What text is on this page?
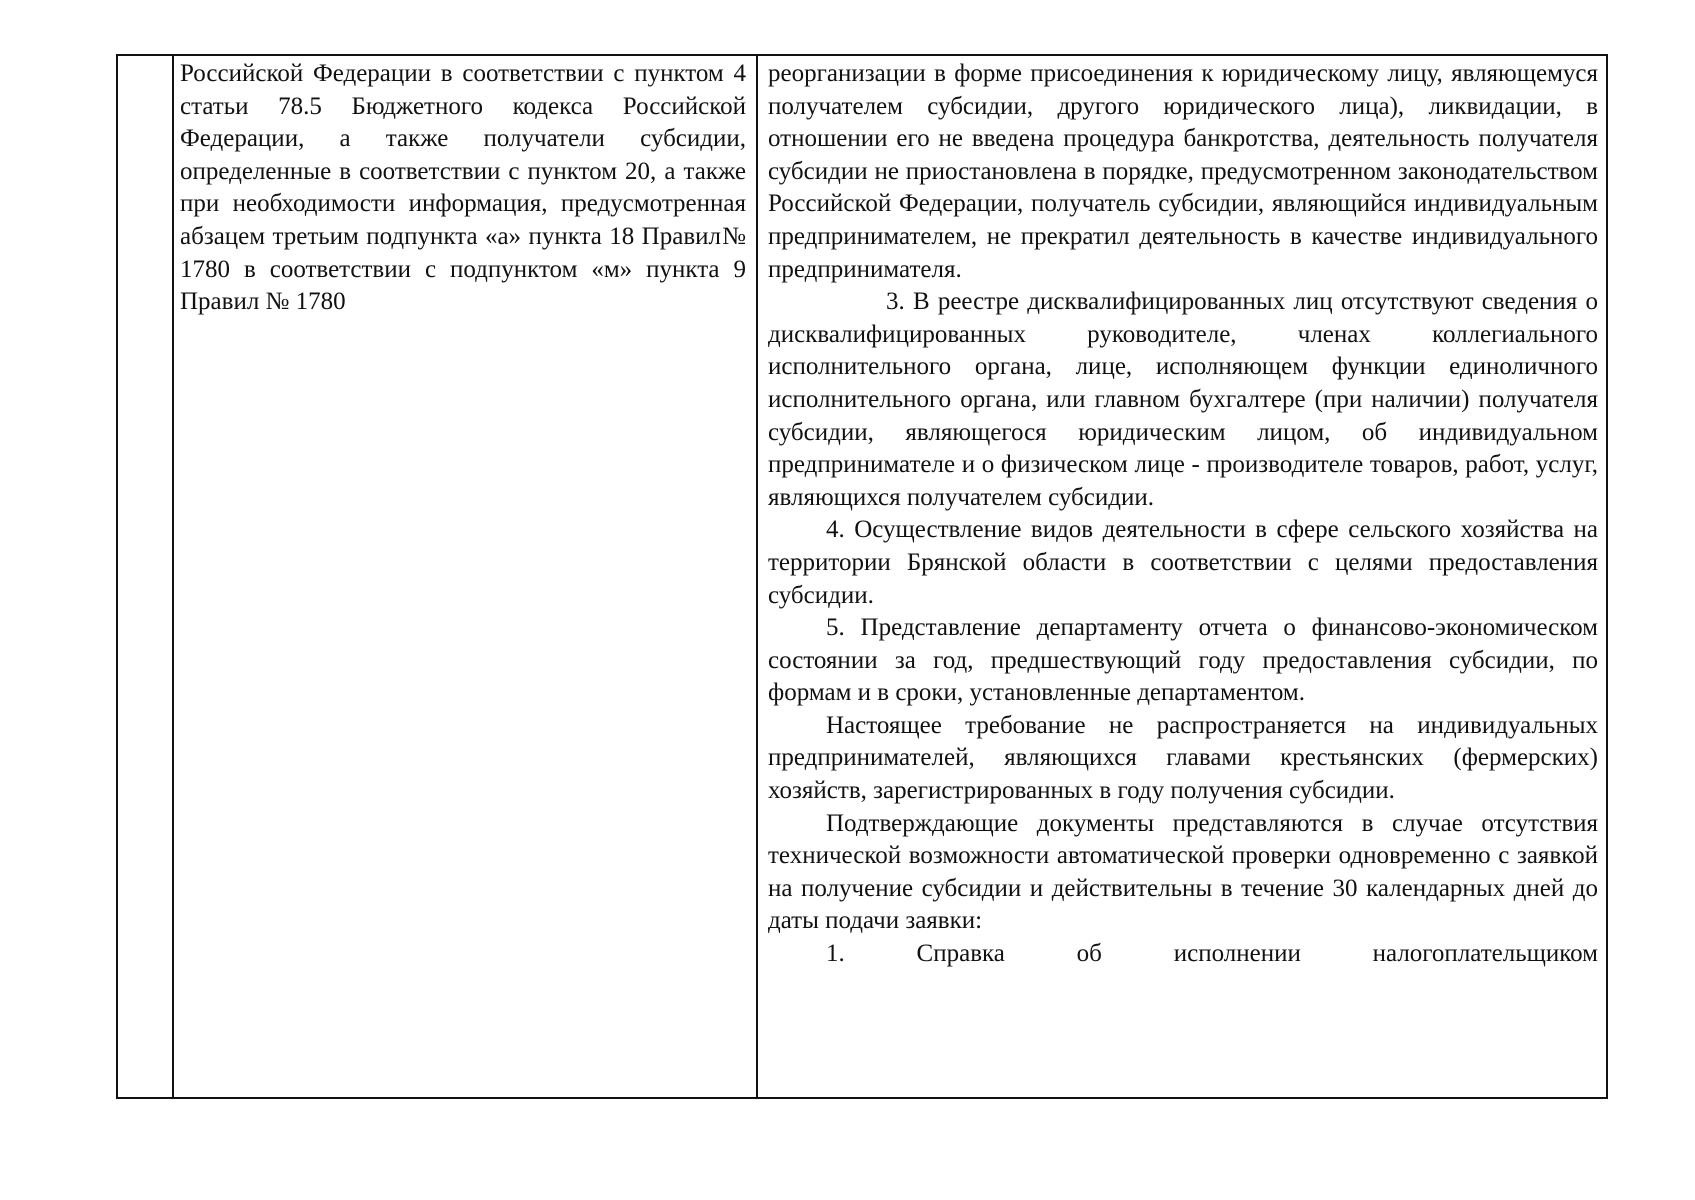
Российской Федерации в соответствии с пунктом 4 статьи 78.5 Бюджетного кодекса Российской Федерации, а также получатели субсидии, определенные в соответствии с пунктом 20, а также при необходимости информация, предусмотренная абзацем третьим подпункта «а» пункта 18 Правил№ 1780 в соответствии с подпунктом «м» пункта 9 Правил № 1780

реорганизации в форме присоединения к юридическому лицу, являющемуся получателем субсидии, другого юридического лица), ликвидации, в отношении его не введена процедура банкротства, деятельность получателя субсидии не приостановлена в порядке, предусмотренном законодательством Российской Федерации, получатель субсидии, являющийся индивидуальным предпринимателем, не прекратил деятельность в качестве индивидуального предпринимателя.

3. В реестре дисквалифицированных лиц отсутствуют сведения о дисквалифицированных руководителе, членах коллегиального исполнительного органа, лице, исполняющем функции единоличного исполнительного органа, или главном бухгалтере (при наличии) получателя субсидии, являющегося юридическим лицом, об индивидуальном предпринимателе и о физическом лице - производителе товаров, работ, услуг, являющихся получателем субсидии.

4. Осуществление видов деятельности в сфере сельского хозяйства на территории Брянской области в соответствии с целями предоставления субсидии.

5. Представление департаменту отчета о финансово-экономическом состоянии за год, предшествующий году предоставления субсидии, по формам и в сроки, установленные департаментом.

Настоящее требование не распространяется на индивидуальных предпринимателей, являющихся главами крестьянских (фермерских) хозяйств, зарегистрированных в году получения субсидии.

Подтверждающие документы представляются в случае отсутствия технической возможности автоматической проверки одновременно с заявкой на получение субсидии и действительны в течение 30 календарных дней до даты подачи заявки:

1. Справка об исполнении налогоплательщиком
